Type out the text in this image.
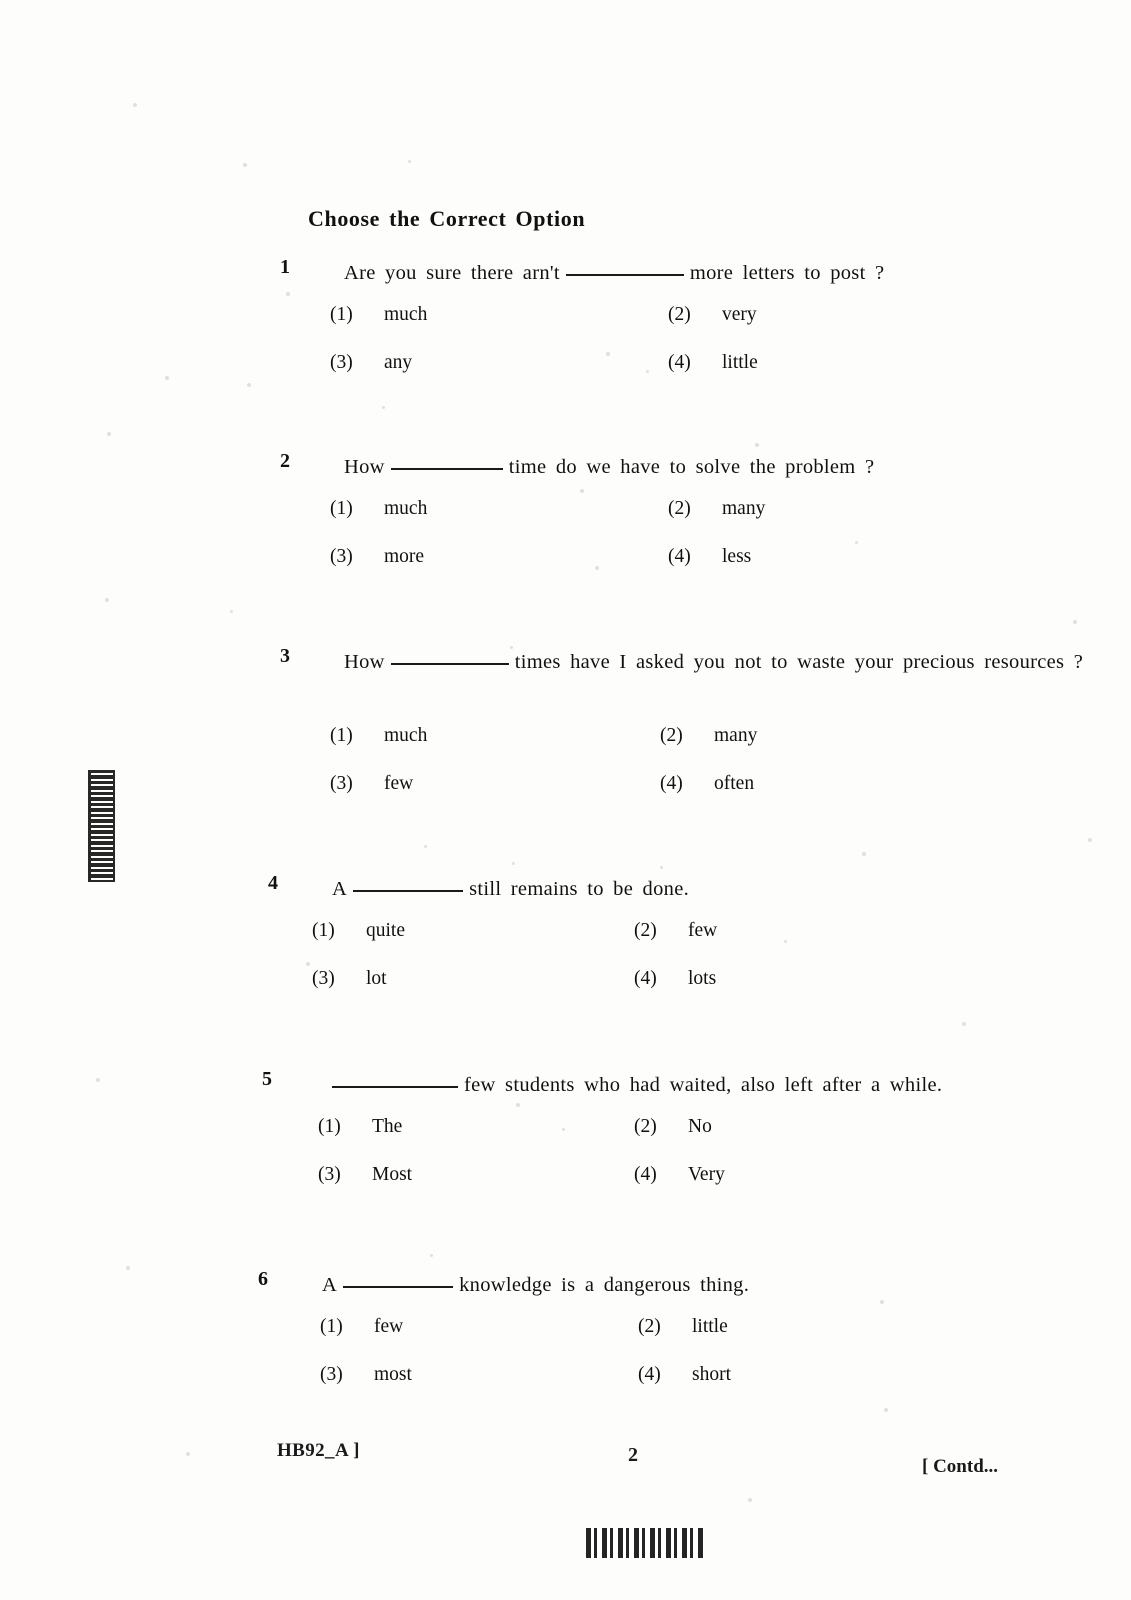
Choose the Correct Option
1	Are you sure there arn't	more letters to post ?
(1) much	(2) very
(3) any	(4) little
2	How	time do we have to solve the problem ?
(1) much	(2) many
(3) more	(4) less
3	How	times have I asked you not to waste your precious resources ?
(1) much	(2) many
(3) few	(4) often
4	A	still remains to be done.
(1) quite	(2) few
(3) lot	(4) lots
5	few students who had waited, also left after a while.
(1) The	(2) No
(3) Most	(4) Very
6	A	knowledge is a dangerous thing.
(1) few	(2) little
(3) most	(4) short
HB92_A ]	2
[ Contd...
